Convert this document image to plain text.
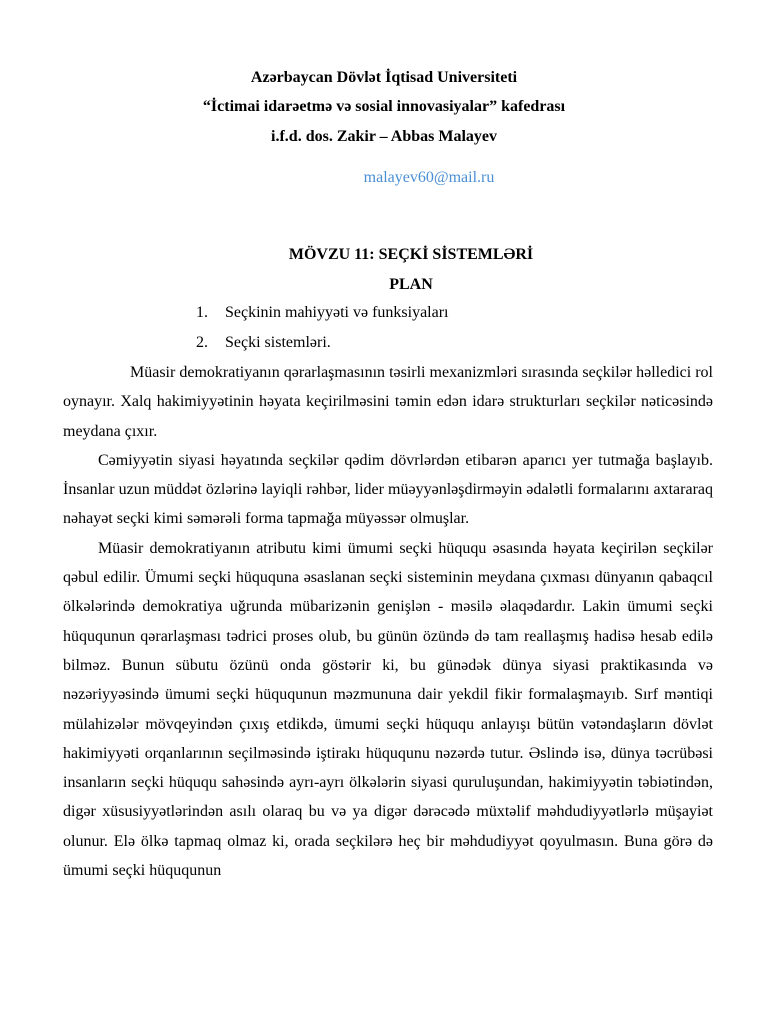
Azərbaycan Dövlət İqtisad Universiteti

“İctimai idarəetmə və sosial innovasiyalar” kafedrası

i.f.d. dos. Zakir – Abbas Malayev

malayev60@mail.ru

MÖVZU 11: SEÇKİ SİSTEMLƏRİ

PLAN

1. Seçkinin mahiyyəti və funksiyaları
2. Seçki sistemləri.

Müasir demokratiyanın qərarlaşmasının təsirli mexanizmləri sırasında seçkilər həlledici rol oynayır. Xalq hakimiyyətinin həyata keçirilməsini təmin edən idarə strukturları seçkilər nəticəsində meydana çıxır.

Cəmiyyətin siyasi həyatında seçkilər qədim dövrlərdən etibarən aparıcı yer tutmağa başlayıb. İnsanlar uzun müddət özlərinə layiqli rəhbər, lider müəyyənləşdirməyin ədalətli formalarını axtararaq nəhayət seçki kimi səmərəli forma tapmağa müyəssər olmuşlar.

Müasir demokratiyanın atributu kimi ümumi seçki hüququ əsasında həyata keçirilən seçkilər qəbul edilir. Ümumi seçki hüququna əsaslanan seçki sisteminin meydana çıxması dünyanın qabaqcıl ölkələrində demokratiya uğrunda mübarizənin genişlən - məsilə əlaqədardır. Lakin ümumi seçki hüququnun qərarlaşması tədrici proses olub, bu günün özündə də tam reallaşmış hadisə hesab edilə bilməz. Bunun sübutu özünü onda göstərir ki, bu günədək dünya siyasi praktikasında və nəzəriyyəsində ümumi seçki hüququnun məzmununa dair yekdil fikir formalaşmayıb. Sırf məntiqi mülahizələr mövqeyindən çıxış etdikdə, ümumi seçki hüququ anlayışı bütün vətəndaşların dövlət hakimiyyəti orqanlarının seçilməsində iştirakı hüququnu nəzərdə tutur. Əslində isə, dünya təcrübəsi insanların seçki hüququ sahəsində ayrı-ayrı ölkələrin siyasi quruluşundan, hakimiyyətin təbiətindən, digər xüsusiyyətlərindən asılı olaraq bu və ya digər dərəcədə müxtəlif məhdudiyyətlərlə müşayiət olunur. Elə ölkə tapmaq olmaz ki, orada seçkilərə heç bir məhdudiyyət qoyulmasın. Buna görə də ümumi seçki hüququnun
